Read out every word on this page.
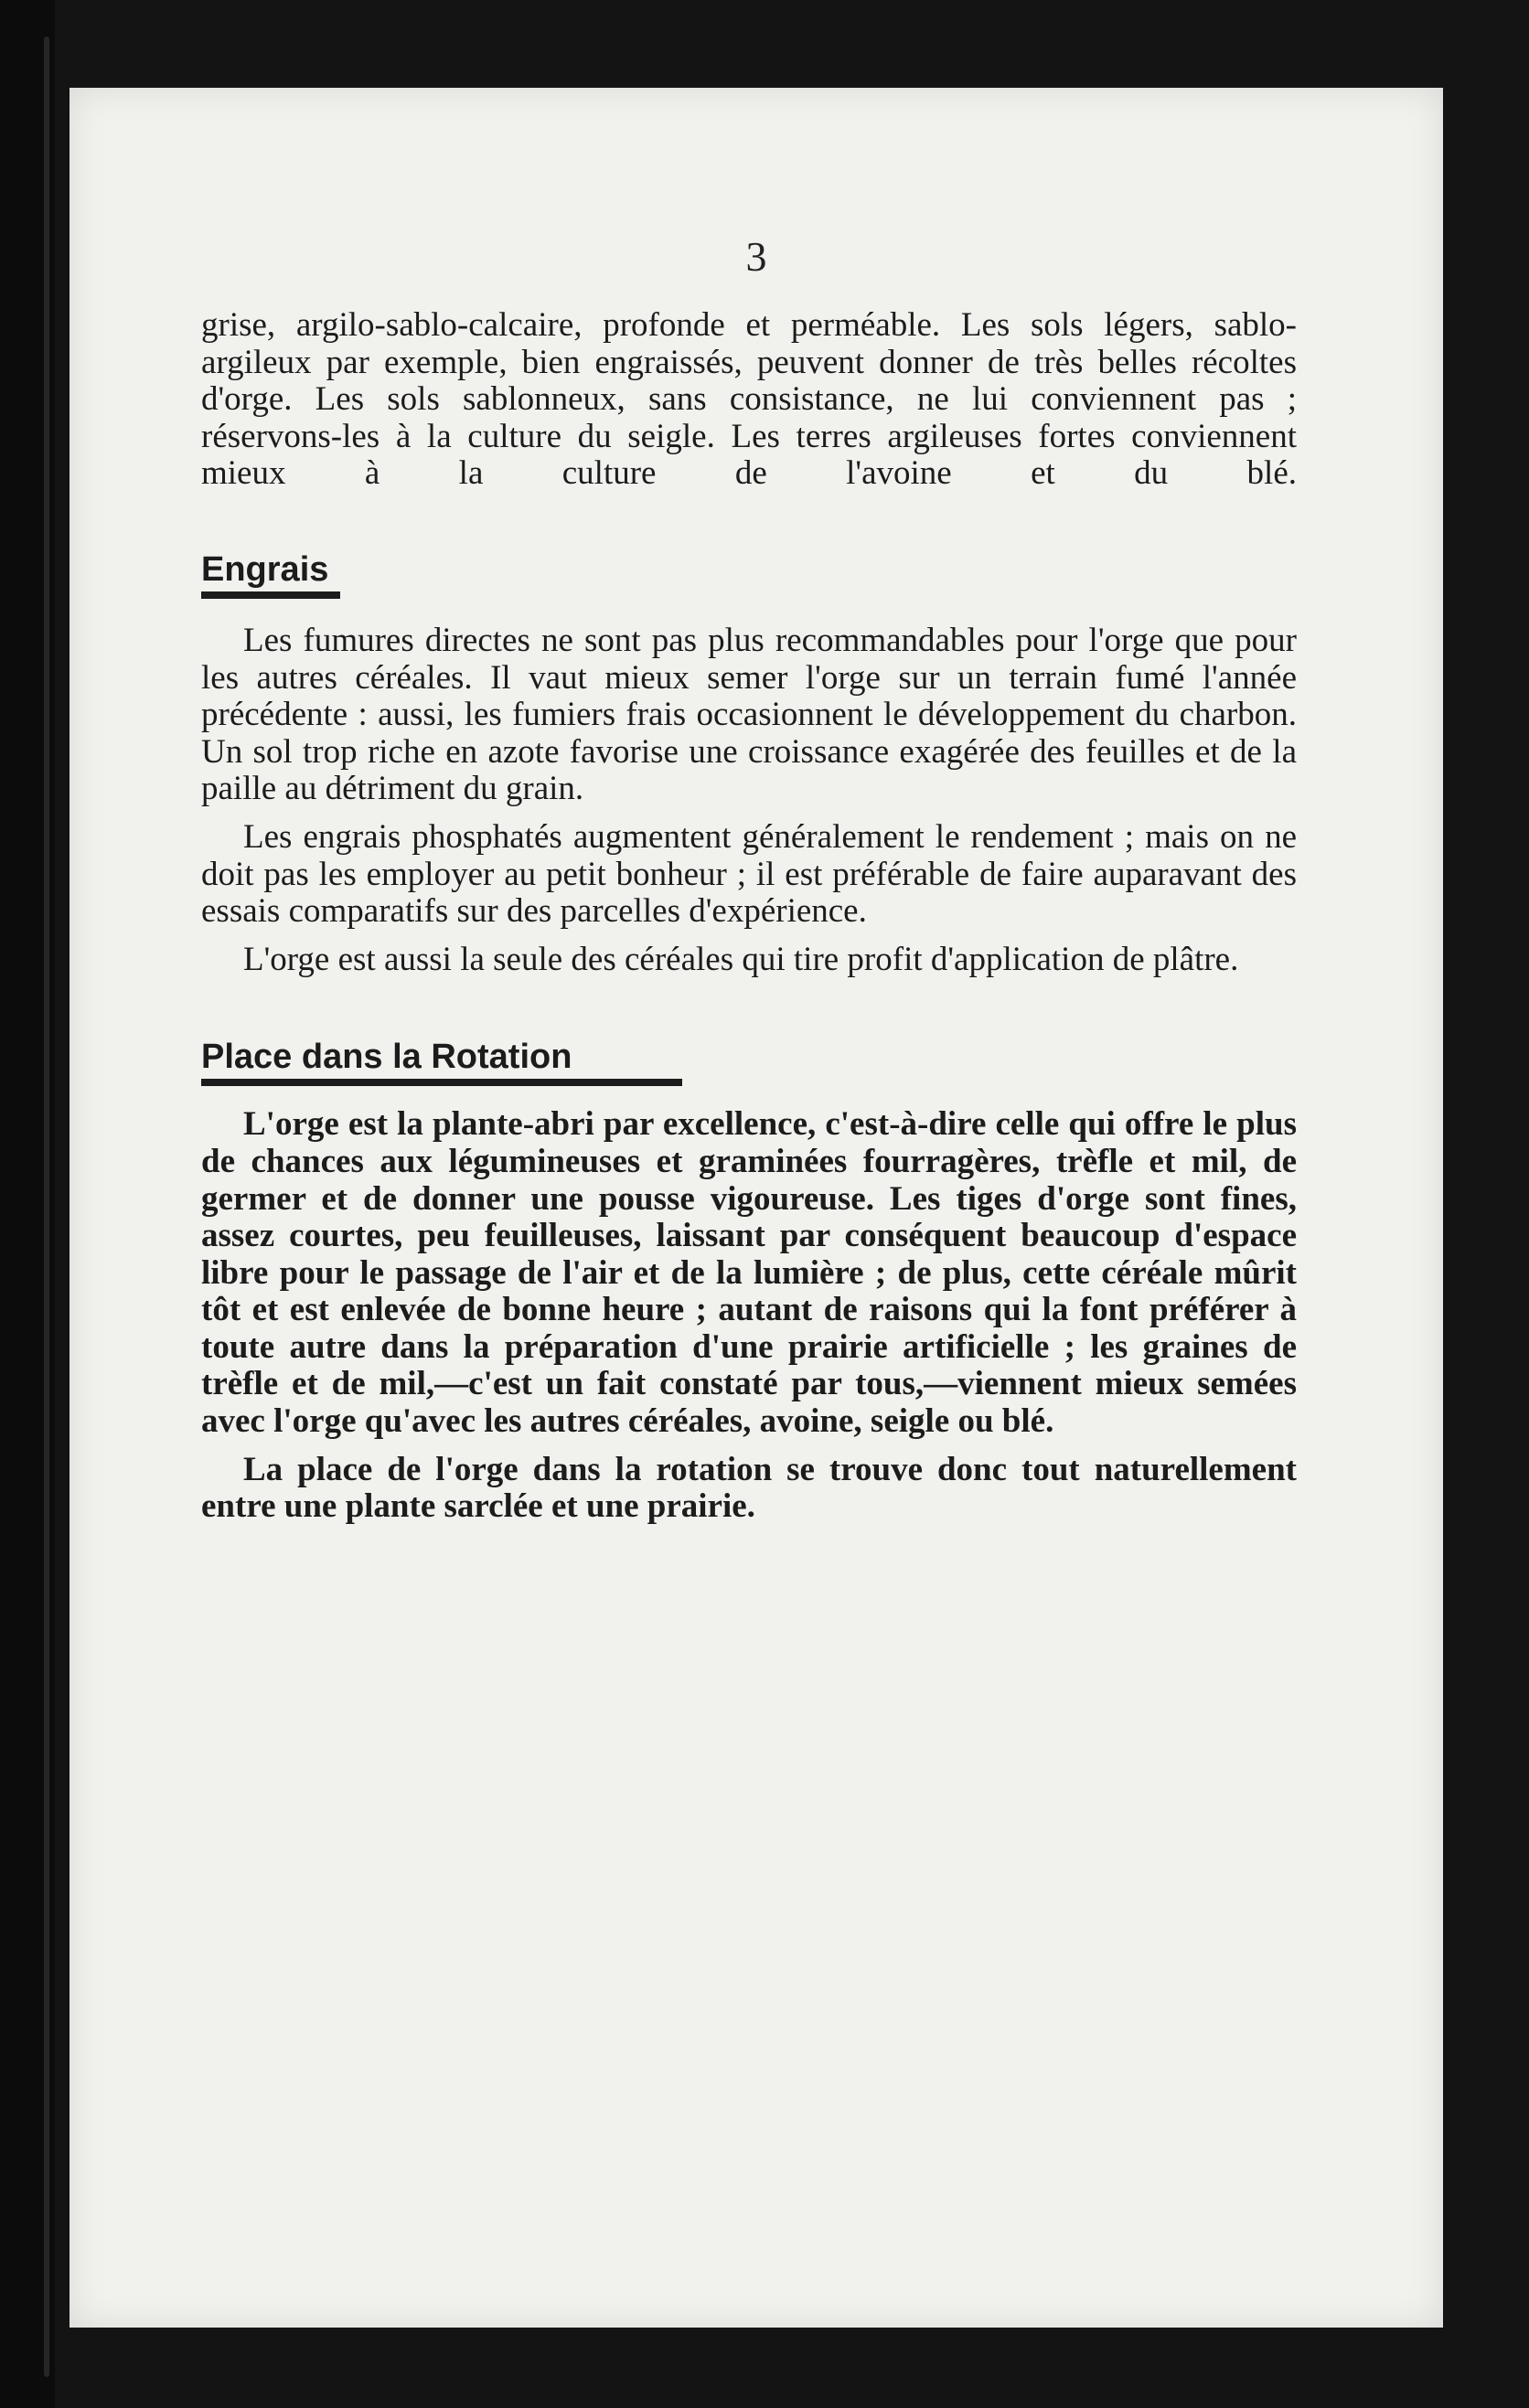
3

grise, argilo-sablo-calcaire, profonde et perméable. Les sols légers, sablo-argileux par exemple, bien engraissés, peuvent donner de très belles récoltes d'orge. Les sols sablonneux, sans consistance, ne lui conviennent pas ; réservons-les à la culture du seigle. Les terres argileuses fortes conviennent mieux à la culture de l'avoine et du blé.

Engrais

Les fumures directes ne sont pas plus recommandables pour l'orge que pour les autres céréales. Il vaut mieux semer l'orge sur un terrain fumé l'année précédente : aussi, les fumiers frais occasionnent le développement du charbon. Un sol trop riche en azote favorise une croissance exagérée des feuilles et de la paille au détriment du grain.

Les engrais phosphatés augmentent généralement le rendement ; mais on ne doit pas les employer au petit bonheur ; il est préférable de faire auparavant des essais comparatifs sur des parcelles d'expérience.

L'orge est aussi la seule des céréales qui tire profit d'application de plâtre.

Place dans la Rotation

L'orge est la plante-abri par excellence, c'est-à-dire celle qui offre le plus de chances aux légumineuses et graminées fourragères, trèfle et mil, de germer et de donner une pousse vigoureuse. Les tiges d'orge sont fines, assez courtes, peu feuilleuses, laissant par conséquent beaucoup d'espace libre pour le passage de l'air et de la lumière ; de plus, cette céréale mûrit tôt et est enlevée de bonne heure ; autant de raisons qui la font préférer à toute autre dans la préparation d'une prairie artificielle ; les graines de trèfle et de mil,—c'est un fait constaté par tous,—viennent mieux semées avec l'orge qu'avec les autres céréales, avoine, seigle ou blé.

La place de l'orge dans la rotation se trouve donc tout naturellement entre une plante sarclée et une prairie.
